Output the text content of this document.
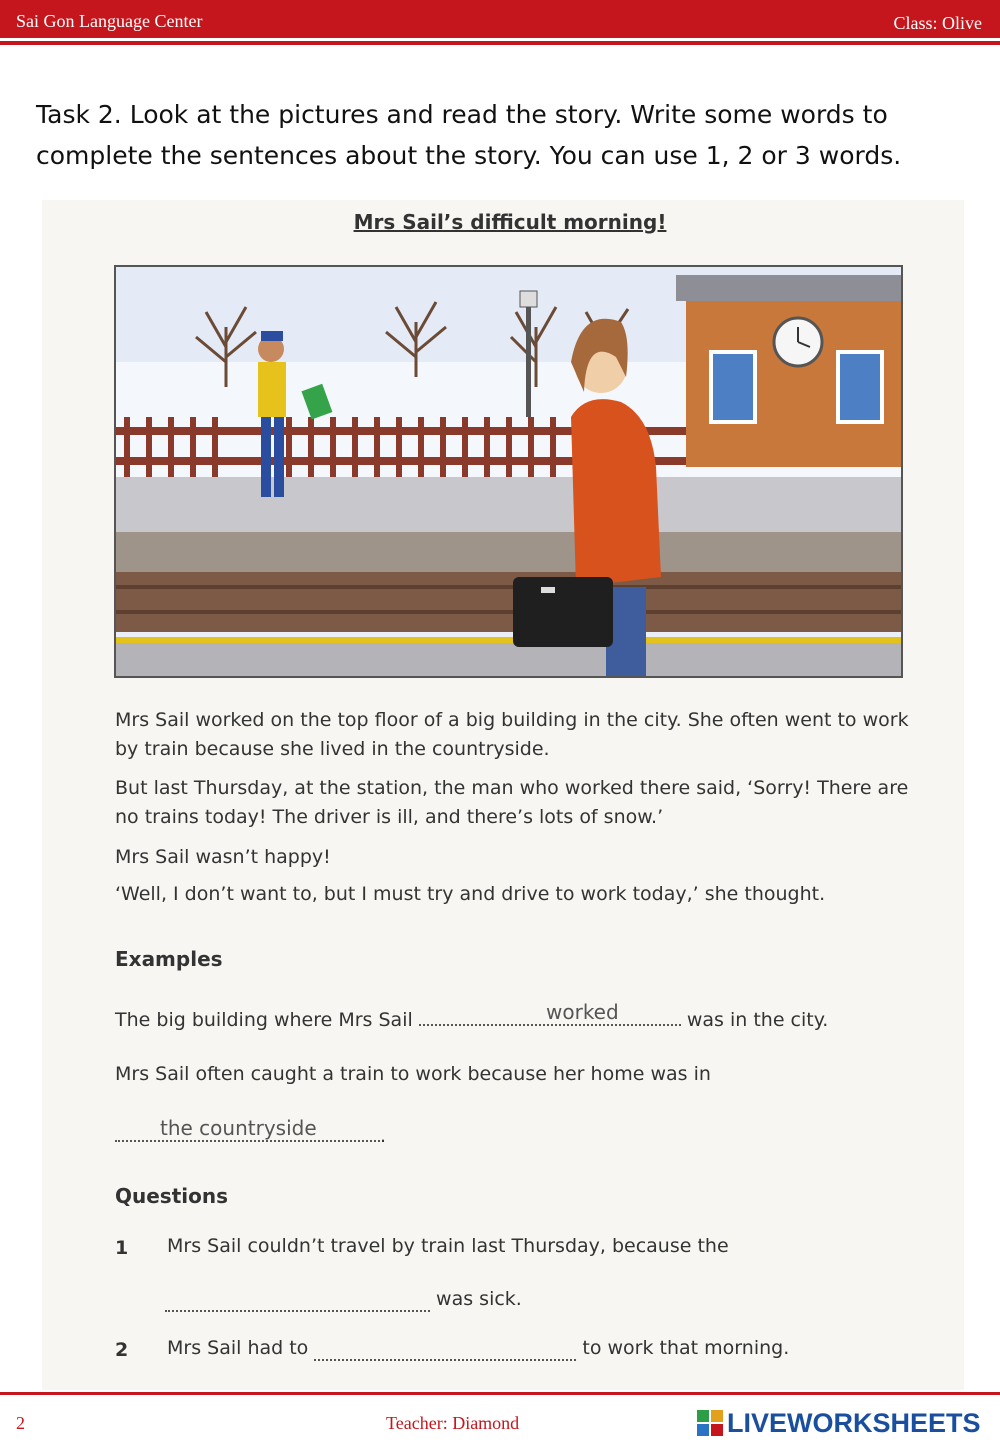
Sai Gon Language Center	Class: Olive
Task 2. Look at the pictures and read the story. Write some words to complete the sentences about the story. You can use 1, 2 or 3 words.
Mrs Sail’s difficult morning!
Mrs Sail worked on the top floor of a big building in the city. She often went to work by train because she lived in the countryside.
But last Thursday, at the station, the man who worked there said, ‘Sorry! There are no trains today! The driver is ill, and there’s lots of snow.’
Mrs Sail wasn’t happy!
‘Well, I don’t want to, but I must try and drive to work today,’ she thought.
Examples
The big building where Mrs Sail	was in the city.
worked
Mrs Sail often caught a train to work because her home was in
.
the countryside
Questions
1 Mrs Sail couldn’t travel by train last Thursday, because the
was sick.
2 Mrs Sail had to	to work that morning.
2	Teacher: Diamond	LIVEWORKSHEETS
